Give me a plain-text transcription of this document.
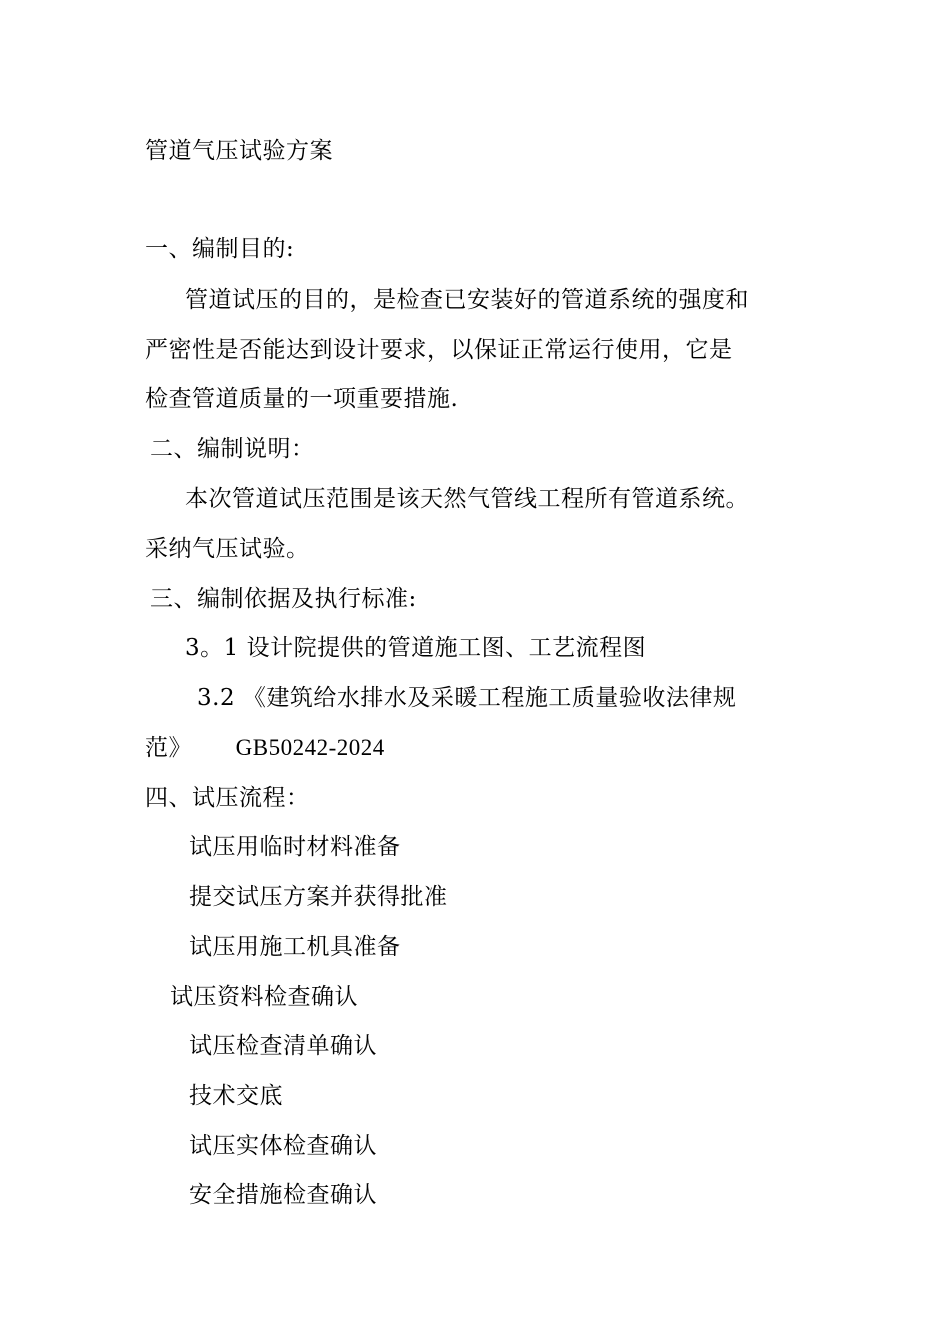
管道气压试验方案
一、编制目的:
管道试压的目的，是检查已安装好的管道系统的强度和
严密性是否能达到设计要求，以保证正常运行使用，它是
检查管道质量的一项重要措施.
二、编制说明：
本次管道试压范围是该天然气管线工程所有管道系统。
采纳气压试验。
三、编制依据及执行标准:
3。1 设计院提供的管道施工图、工艺流程图
3.2 《建筑给水排水及采暖工程施工质量验收法律规
范》 GB50242-2024
四、试压流程：
试压用临时材料准备
提交试压方案并获得批准
试压用施工机具准备
试压资料检查确认
试压检查清单确认
技术交底
试压实体检查确认
安全措施检查确认
